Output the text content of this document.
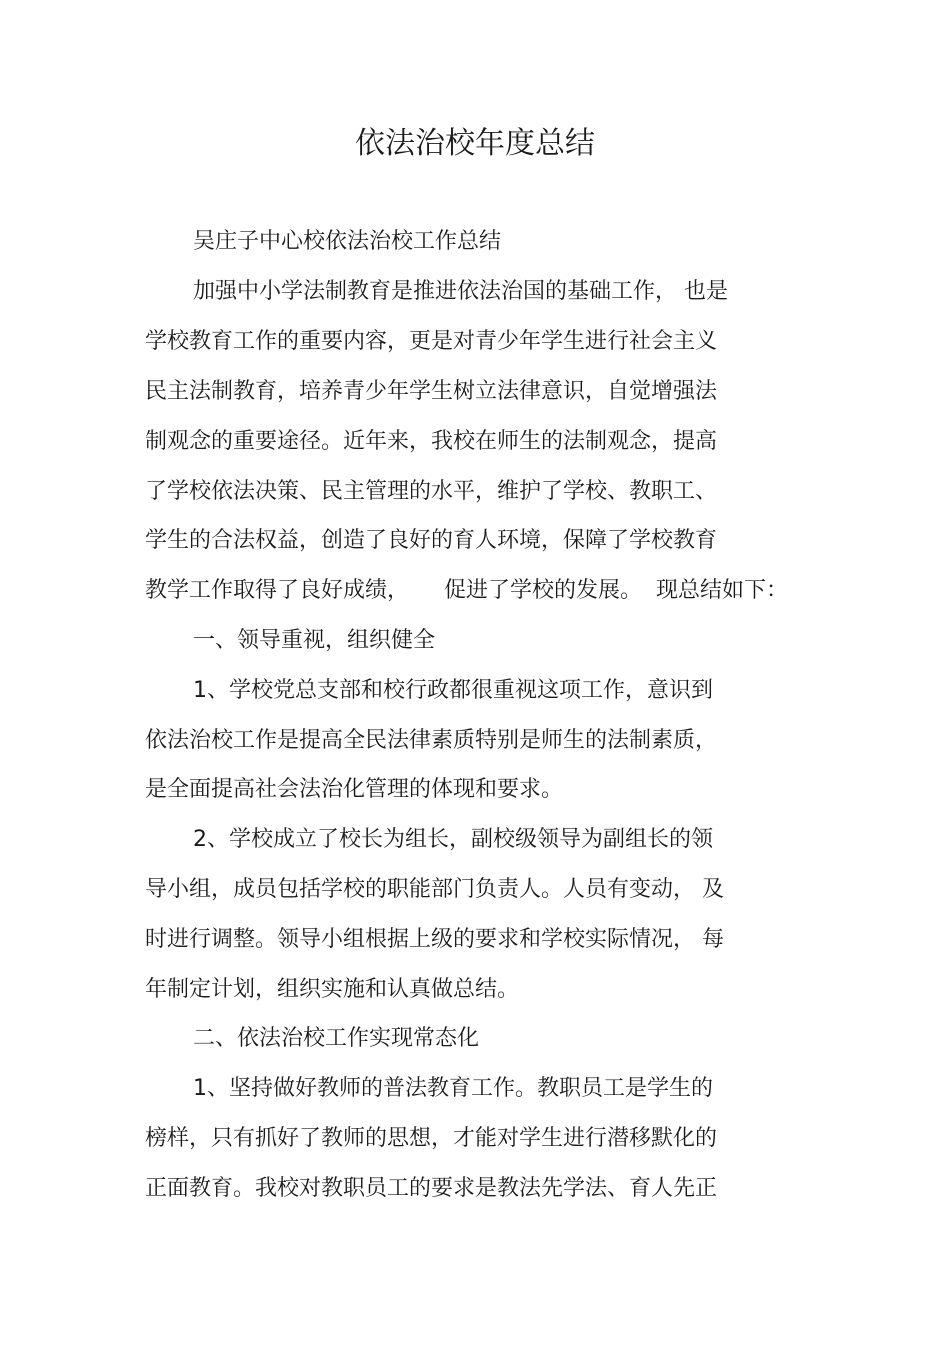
依法治校年度总结
吴庄子中心校依法治校工作总结
加强中小学法制教育是推进依法治国的基础工作， 也是
学校教育工作的重要内容，更是对青少年学生进行社会主义
民主法制教育，培养青少年学生树立法律意识，自觉增强法
制观念的重要途径。近年来，我校在师生的法制观念，提高
了学校依法决策、民主管理的水平，维护了学校、教职工、
学生的合法权益，创造了良好的育人环境，保障了学校教育
教学工作取得了良好成绩，     促进了学校的发展。  现总结如下：
一、领导重视，组织健全
1、学校党总支部和校行政都很重视这项工作，意识到
依法治校工作是提高全民法律素质特别是师生的法制素质，
是全面提高社会法治化管理的体现和要求。
2、学校成立了校长为组长，副校级领导为副组长的领
导小组，成员包括学校的职能部门负责人。人员有变动， 及
时进行调整。领导小组根据上级的要求和学校实际情况， 每
年制定计划，组织实施和认真做总结。
二、依法治校工作实现常态化
1、坚持做好教师的普法教育工作。教职员工是学生的
榜样，只有抓好了教师的思想，才能对学生进行潜移默化的
正面教育。我校对教职员工的要求是教法先学法、育人先正
